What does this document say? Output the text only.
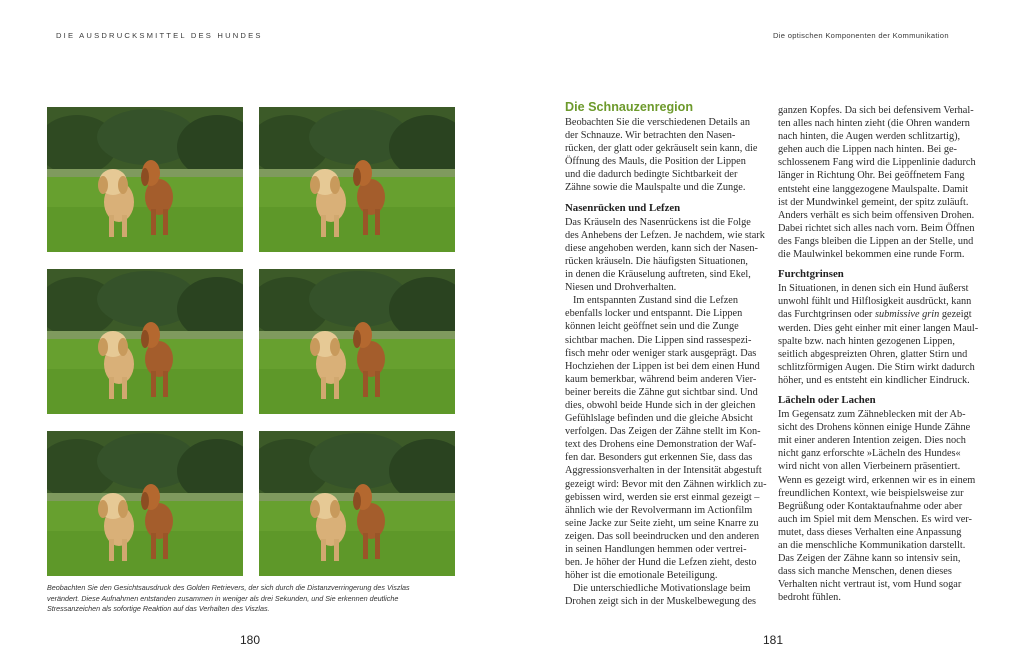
DIE AUSDRUCKSMITTEL DES HUNDES	Die optischen Komponenten der Kommunikation

Beobachten Sie den Gesichtsausdruck des Golden Retrievers, der sich durch die Distanzverringerung des Viszlas

verändert. Diese Aufnahmen entstanden zusammen in weniger als drei Sekunden, und Sie erkennen deutliche

Stressanzeichen als sofortige Reaktion auf das Verhalten des Viszlas.

180	181
Die Schnauzenregion
Beobachten Sie die verschiedenen Details an
der Schnauze. Wir betrachten den Nasen-
rücken, der glatt oder gekräuselt sein kann, die
Öffnung des Mauls, die Position der Lippen
und die dadurch bedingte Sichtbarkeit der
Zähne sowie die Maulspalte und die Zunge.
Nasenrücken und Lefzen
Das Kräuseln des Nasenrückens ist die Folge
des Anhebens der Lefzen. Je nachdem, wie stark
diese angehoben werden, kann sich der Nasen-
rücken kräuseln. Die häufigsten Situationen,
in denen die Kräuselung auftreten, sind Ekel,
Niesen und Drohverhalten.
Im entspannten Zustand sind die Lefzen
ebenfalls locker und entspannt. Die Lippen
können leicht geöffnet sein und die Zunge
sichtbar machen. Die Lippen sind rassespezi-
fisch mehr oder weniger stark ausgeprägt. Das
Hochziehen der Lippen ist bei dem einen Hund
kaum bemerkbar, während beim anderen Vier-
beiner bereits die Zähne gut sichtbar sind. Und
dies, obwohl beide Hunde sich in der gleichen
Gefühlslage befinden und die gleiche Absicht
verfolgen. Das Zeigen der Zähne stellt im Kon-
text des Drohens eine Demonstration der Waf-
fen dar. Besonders gut erkennen Sie, dass das
Aggressionsverhalten in der Intensität abgestuft
gezeigt wird: Bevor mit den Zähnen wirklich zu-
gebissen wird, werden sie erst einmal gezeigt –
ähnlich wie der Revolvermann im Actionfilm
seine Jacke zur Seite zieht, um seine Knarre zu
zeigen. Das soll beeindrucken und den anderen
in seinen Handlungen hemmen oder vertrei-
ben. Je höher der Hund die Lefzen zieht, desto
höher ist die emotionale Beteiligung.
Die unterschiedliche Motivationslage beim
Drohen zeigt sich in der Muskelbewegung des
ganzen Kopfes. Da sich bei defensivem Verhal-
ten alles nach hinten zieht (die Ohren wandern
nach hinten, die Augen werden schlitzartig),
gehen auch die Lippen nach hinten. Bei ge-
schlossenem Fang wird die Lippenlinie dadurch
länger in Richtung Ohr. Bei geöffnetem Fang
entsteht eine langgezogene Maulspalte. Damit
ist der Mundwinkel gemeint, der spitz zuläuft.
Anders verhält es sich beim offensiven Drohen.
Dabei richtet sich alles nach vorn. Beim Öffnen
des Fangs bleiben die Lippen an der Stelle, und
die Maulwinkel bekommen eine runde Form.
Furchtgrinsen
In Situationen, in denen sich ein Hund äußerst
unwohl fühlt und Hilflosigkeit ausdrückt, kann
das Furchtgrinsen oder submissive grin gezeigt
werden. Dies geht einher mit einer langen Maul-
spalte bzw. nach hinten gezogenen Lippen,
seitlich abgespreizten Ohren, glatter Stirn und
schlitzförmigen Augen. Die Stirn wirkt dadurch
höher, und es entsteht ein kindlicher Eindruck.
Lächeln oder Lachen
Im Gegensatz zum Zähneblecken mit der Ab-
sicht des Drohens können einige Hunde Zähne
mit einer anderen Intention zeigen. Dies noch
nicht ganz erforschte »Lächeln des Hundes«
wird nicht von allen Vierbeinern präsentiert.
Wenn es gezeigt wird, erkennen wir es in einem
freundlichen Kontext, wie beispielsweise zur
Begrüßung oder Kontaktaufnahme oder aber
auch im Spiel mit dem Menschen. Es wird ver-
mutet, dass dieses Verhalten eine Anpassung
an die menschliche Kommunikation darstellt.
Das Zeigen der Zähne kann so intensiv sein,
dass sich manche Menschen, denen dieses
Verhalten nicht vertraut ist, vom Hund sogar
bedroht fühlen.
